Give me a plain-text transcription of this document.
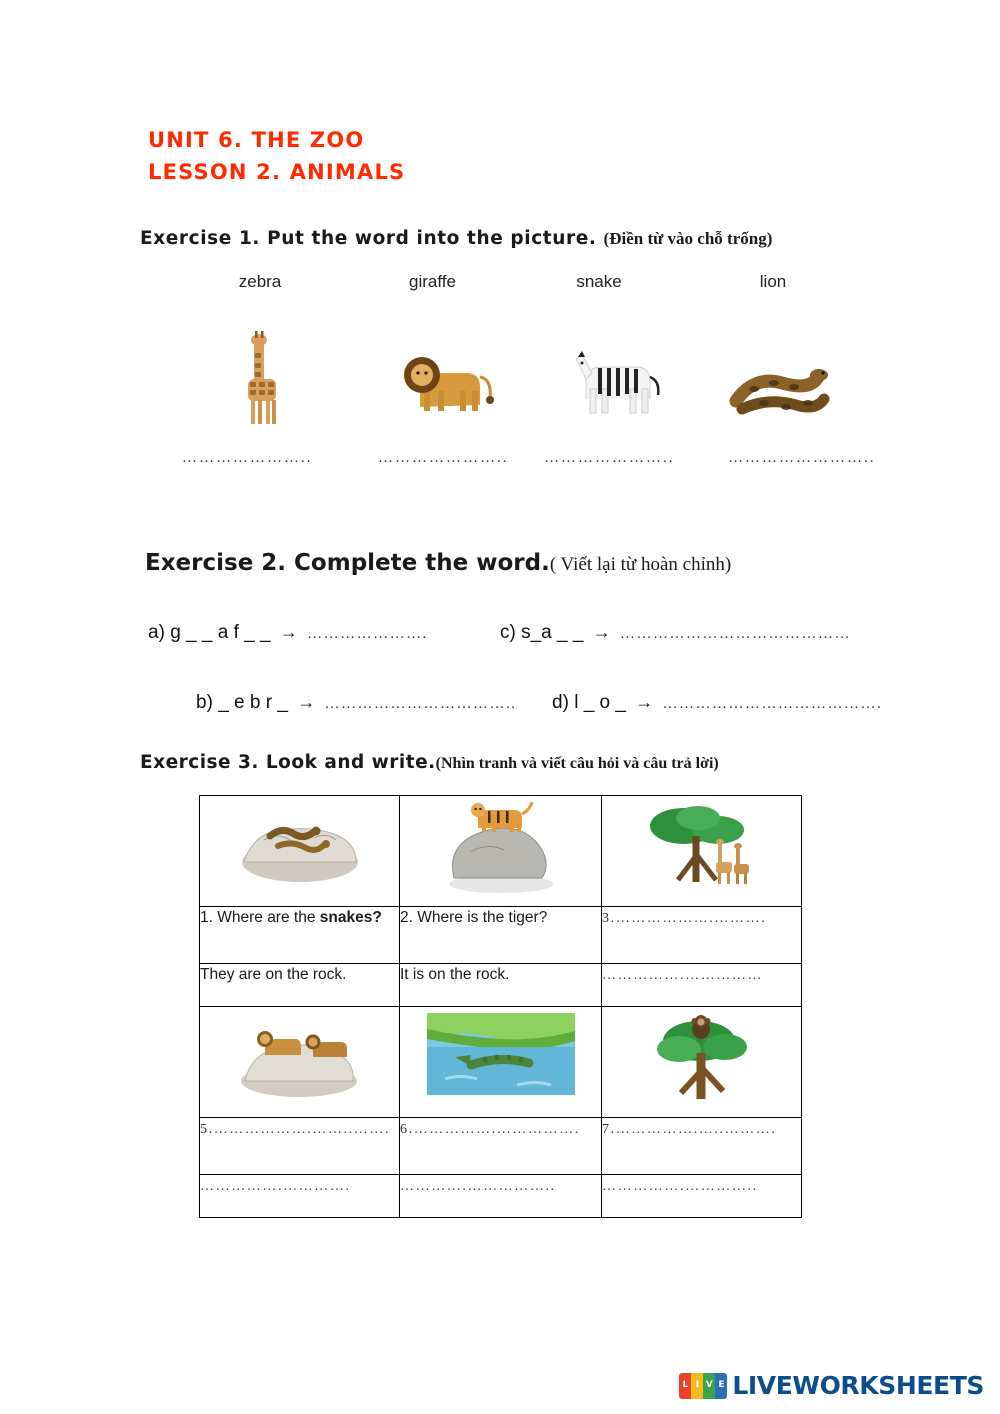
UNIT 6. THE ZOO
LESSON 2. ANIMALS
Exercise 1. Put the word into the picture. (Điền từ vào chỗ trống)
zebra	giraffe	snake	lion
…………………..	………………….. …………………..	……………………..
Exercise 2. Complete the word.( Viết lại từ hoàn chỉnh)
a) g _ _ a f _ _ → ………………….
b) _ e b r _ → ……………………………..
c) s_a _ _ → ……………………………………
d) l _ o _ → ………………………………….
Exercise 3. Look and write.(Nhìn tranh và viết câu hỏi và câu trả lời)

1. Where are the snakes?	2. Where is the tiger?	3.……………….……….
They are on the rock.	It is on the rock.	…………….……………

5.……………….……..…….	6.…………….…………….	7.…………….…..……….
…………….………….	………….……………..	…………….…………..
L I V E LIVEWORKSHEETS
